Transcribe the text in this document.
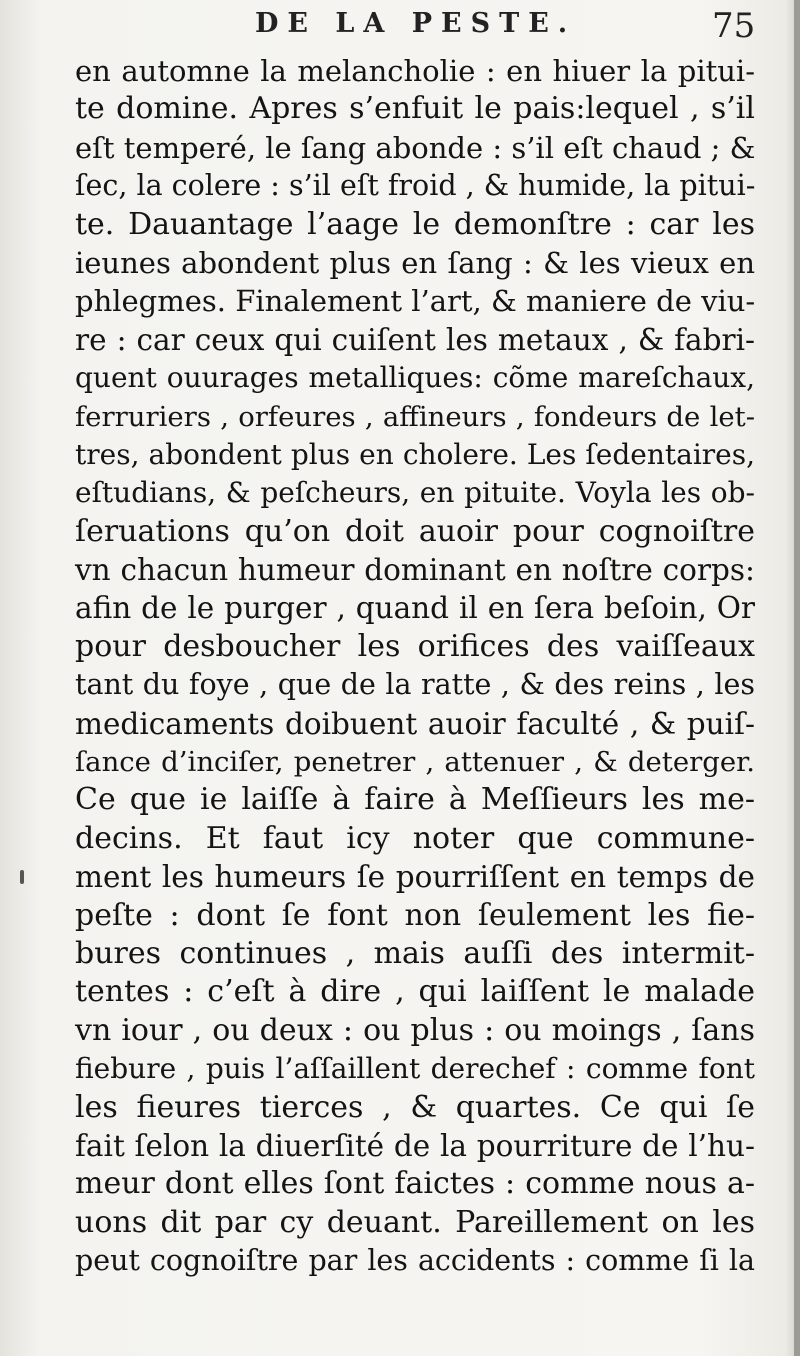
DE LA PESTE.	75
en automne la melancholie : en hiuer la pitui-
te domine. Apres s’enfuit le pais:lequel , s’il
eſt temperé, le ſang abonde : s’il eſt chaud ; &
ſec, la colere : s’il eſt froid , & humide, la pitui-
te. Dauantage l’aage le demonſtre : car les
ieunes abondent plus en ſang : & les vieux en
phlegmes. Finalement l’art, & maniere de viu-
re : car ceux qui cuiſent les metaux , & fabri-
quent ouurages metalliques: cõme mareſchaux,
ferruriers , orfeures , affineurs , fondeurs de let-
tres, abondent plus en cholere. Les ſedentaires,
eſtudians, & peſcheurs, en pituite. Voyla les ob-
ſeruations qu’on doit auoir pour cognoiſtre
vn chacun humeur dominant en noſtre corps:
afin de le purger , quand il en ſera beſoin, Or
pour desboucher les orifices des vaiſſeaux
tant du foye , que de la ratte , & des reins , les
medicaments doibuent auoir faculté , & puiſ-
ſance d’inciſer, penetrer , attenuer , & deterger.
Ce que ie laiſſe à faire à Meſſieurs les me-
decins. Et faut icy noter que commune-
ment les humeurs ſe pourriſſent en temps de
peſte : dont ſe font non ſeulement les fie-
bures continues , mais auſſi des intermit-
tentes : c’eſt à dire , qui laiſſent le malade
vn iour , ou deux : ou plus : ou moings , ſans
fiebure , puis l’aſſaillent derechef : comme font
les fieures tierces , & quartes. Ce qui ſe
fait ſelon la diuerſité de la pourriture de l’hu-
meur dont elles ſont faictes : comme nous a-
uons dit par cy deuant. Pareillement on les
peut cognoiſtre par les accidents : comme ſi la
